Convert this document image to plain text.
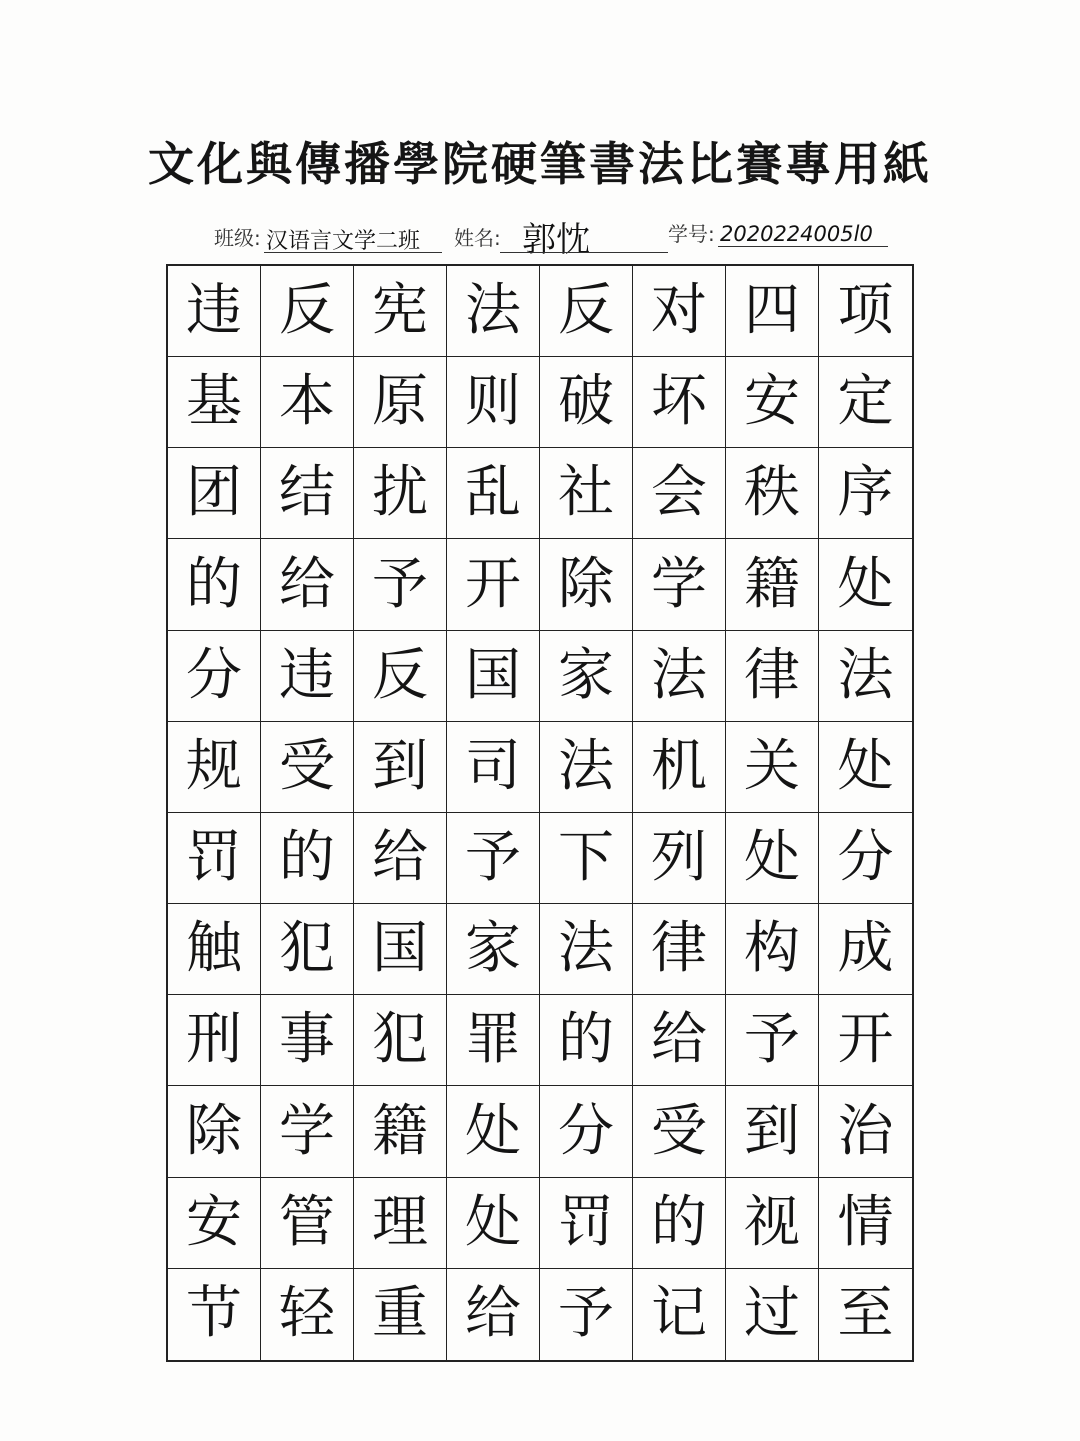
文化與傳播學院硬筆書法比賽專用紙
班级: 汉语言文学二班 姓名: 郭忱	学号: 2020224005l0
违 反 宪 法 反 对 四 项
基 本 原 则 破 坏 安 定
团 结 扰 乱 社 会 秩 序
的 给 予 开 除 学 籍 处
分 违 反 国 家 法 律 法
规 受 到 司 法 机 关 处
罚 的 给 予 下 列 处 分
触 犯 国 家 法 律 构 成
刑 事 犯 罪 的 给 予 开
除 学 籍 处 分 受 到 治
安 管 理 处 罚 的 视 情
节 轻 重 给 予 记 过 至
